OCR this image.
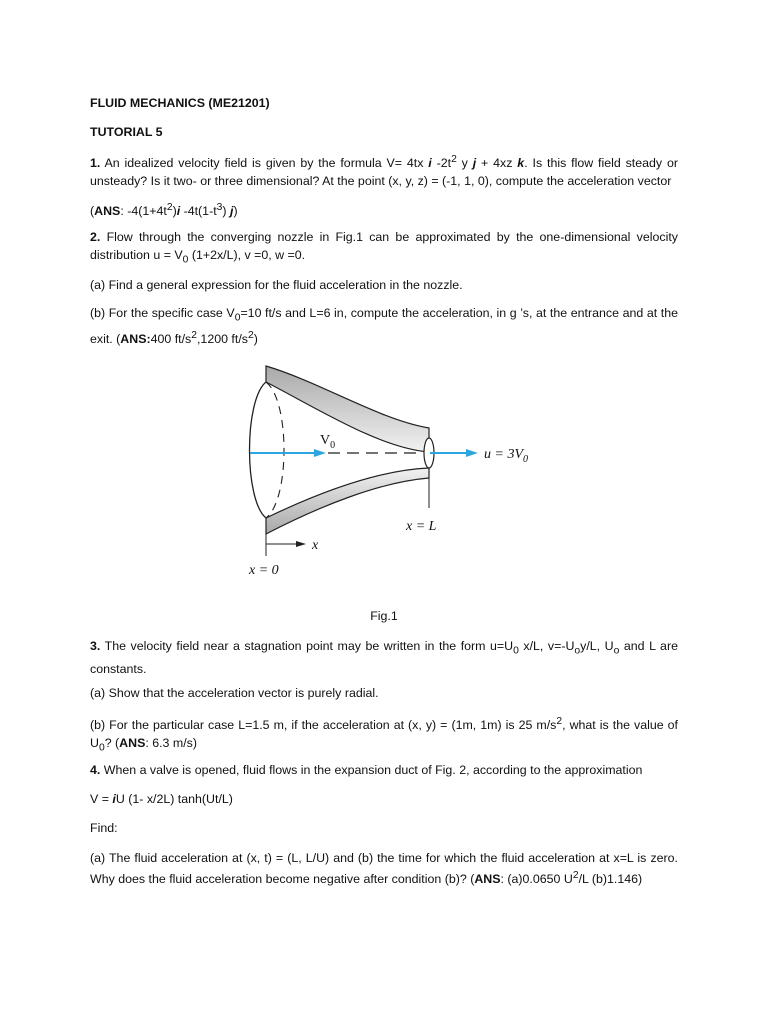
FLUID MECHANICS (ME21201)

TUTORIAL 5

1. An idealized velocity field is given by the formula V= 4tx i $-2t^2$ y j + 4xz k. Is this flow field steady or unsteady? Is it two- or three dimensional? At the point (x, y, z) = (-1, 1, 0), compute the acceleration vector

(ANS: $-4(1+4t^2)i$ $-4t(1-t^3)$ j)

2. Flow through the converging nozzle in Fig.1 can be approximated by the one-dimensional velocity distribution $u = V_0$ (1+2x/L), v =0, w =0.

(a) Find a general expression for the fluid acceleration in the nozzle.

(b) For the specific case $V_0=10$ ft/s and L=6 in, compute the acceleration, in g ’s, at the entrance and at the exit. (ANS:400 $ft/s^2,1200$ $ft/s^2$)

$V_0$
$u = 3V_0$
x = L
x
x = 0

Fig.1

3. The velocity field near a stagnation point may be written in the form $u=U_0$ x/L, $v=-U_oy/L$, $U_o$ and L are constants.

(a) Show that the acceleration vector is purely radial.

(b) For the particular case L=1.5 m, if the acceleration at (x, y) = (1m, 1m) is 25 $m/s^2$, what is the value of $U_0$? (ANS: 6.3 m/s)

4. When a valve is opened, fluid flows in the expansion duct of Fig. 2, according to the approximation

V = iU (1- x/2L) tanh(Ut/L)

Find:

(a) The fluid acceleration at (x, t) = (L, L/U) and (b) the time for which the fluid acceleration at x=L is zero. Why does the fluid acceleration become negative after condition (b)? (ANS: (a)0.0650 $U^2/L$ (b)1.146)
